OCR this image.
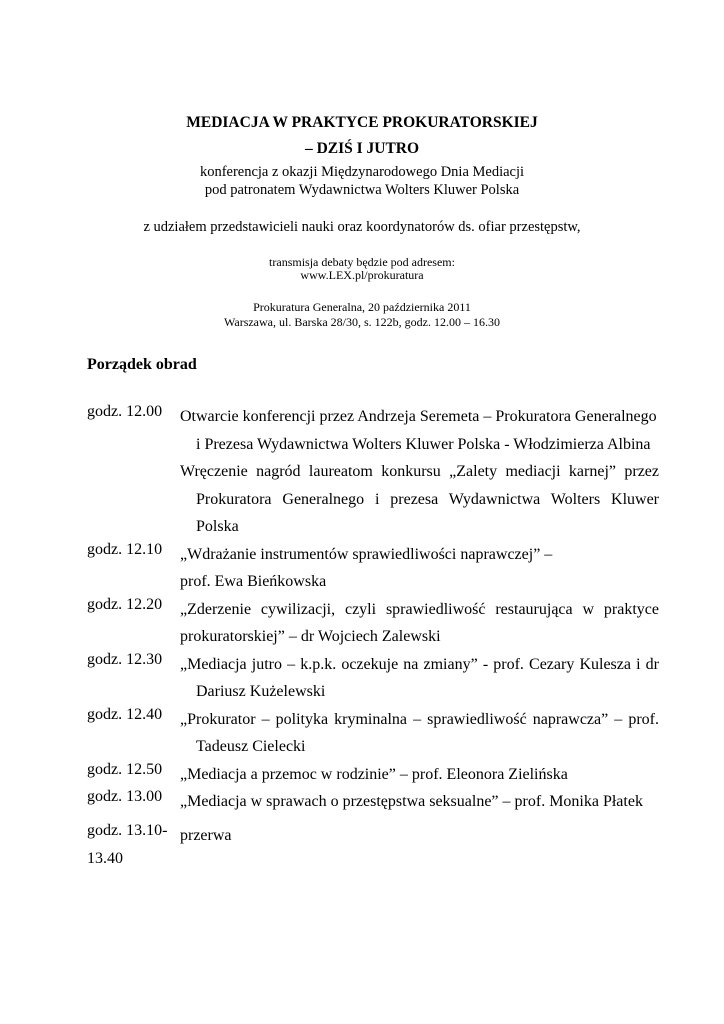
MEDIACJA W PRAKTYCE PROKURATORSKIEJ
– DZIŚ I JUTRO
konferencja z okazji Międzynarodowego Dnia Mediacji
pod patronatem Wydawnictwa Wolters Kluwer Polska
z udziałem przedstawicieli nauki oraz koordynatorów ds. ofiar przestępstw,
transmisja debaty będzie pod adresem:
www.LEX.pl/prokuratura
Prokuratura Generalna, 20 października 2011
Warszawa, ul. Barska 28/30, s. 122b, godz. 12.00 – 16.30
Porządek obrad
godz. 12.00 Otwarcie konferencji przez Andrzeja Seremeta – Prokuratora Generalnego
i Prezesa Wydawnictwa Wolters Kluwer Polska - Włodzimierza Albina
Wręczenie nagród laureatom konkursu „Zalety mediacji karnej” przez
Prokuratora Generalnego i prezesa Wydawnictwa Wolters Kluwer
Polska
godz. 12.10 „Wdrażanie instrumentów sprawiedliwości naprawczej” –
prof. Ewa Bieńkowska
godz. 12.20 „Zderzenie cywilizacji, czyli sprawiedliwość restaurująca w praktyce
prokuratorskiej” – dr Wojciech Zalewski
godz. 12.30 „Mediacja jutro – k.p.k. oczekuje na zmiany” - prof. Cezary Kulesza i dr
Dariusz Kużelewski
godz. 12.40 „Prokurator – polityka kryminalna – sprawiedliwość naprawcza” – prof.
Tadeusz Cielecki
godz. 12.50 „Mediacja a przemoc w rodzinie” – prof. Eleonora Zielińska
godz. 13.00 „Mediacja w sprawach o przestępstwa seksualne” – prof. Monika Płatek
godz. 13.10-
13.40
przerwa
